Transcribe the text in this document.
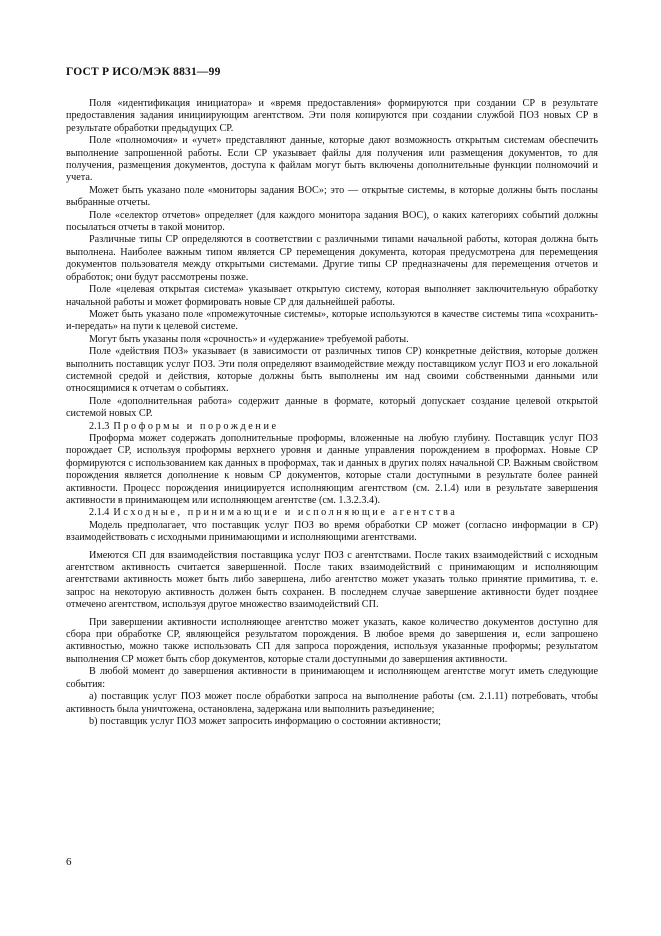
ГОСТ Р ИСО/МЭК 8831—99

Поля «идентификация инициатора» и «время предоставления» формируются при создании СР в результате предоставления задания инициирующим агентством. Эти поля копируются при создании службой ПОЗ новых СР в результате обработки предыдущих СР.

Поле «полномочия» и «учет» представляют данные, которые дают возможность открытым системам обеспечить выполнение запрошенной работы. Если СР указывает файлы для получения или размещения документов, то для получения, размещения документов, доступа к файлам могут быть включены дополнительные функции полномочий и учета.

Может быть указано поле «мониторы задания ВОС»; это — открытые системы, в которые должны быть посланы выбранные отчеты.

Поле «селектор отчетов» определяет (для каждого монитора задания ВОС), о каких категориях событий должны посылаться отчеты в такой монитор.

Различные типы СР определяются в соответствии с различными типами начальной работы, которая должна быть выполнена. Наиболее важным типом является СР перемещения документа, которая предусмотрена для перемещения документов пользователя между открытыми системами. Другие типы СР предназначены для перемещения отчетов и обработок; они будут рассмотрены позже.

Поле «целевая открытая система» указывает открытую систему, которая выполняет заключительную обработку начальной работы и может формировать новые СР для дальнейшей работы.

Может быть указано поле «промежуточные системы», которые используются в качестве системы типа «сохранить-и-передать» на пути к целевой системе.

Могут быть указаны поля «срочность» и «удержание» требуемой работы.

Поле «действия ПОЗ» указывает (в зависимости от различных типов СР) конкретные действия, которые должен выполнить поставщик услуг ПОЗ. Эти поля определяют взаимодействие между поставщиком услуг ПОЗ и его локальной системной средой и действия, которые должны быть выполнены им над своими собственными данными или относящимися к отчетам о событиях.

Поле «дополнительная работа» содержит данные в формате, который допускает создание целевой открытой системой новых СР.

2.1.3 Проформы и порождение

Проформа может содержать дополнительные проформы, вложенные на любую глубину. Поставщик услуг ПОЗ порождает СР, используя проформы верхнего уровня и данные управления порождением в проформах. Новые СР формируются с использованием как данных в проформах, так и данных в других полях начальной СР. Важным свойством порождения является дополнение к новым СР документов, которые стали доступными в результате более ранней активности. Процесс порождения инициируется исполняющим агентством (см. 2.1.4) или в результате завершения активности в принимающем или исполняющем агентстве (см. 1.3.2.3.4).

2.1.4 Исходные, принимающие и исполняющие агентства

Модель предполагает, что поставщик услуг ПОЗ во время обработки СР может (согласно информации в СР) взаимодействовать с исходными принимающими и исполняющими агентствами.

Имеются СП для взаимодействия поставщика услуг ПОЗ с агентствами. После таких взаимодействий с исходным агентством активность считается завершенной. После таких взаимодействий с принимающим и исполняющим агентствами активность может быть либо завершена, либо агентство может указать только принятие примитива, т. е. запрос на некоторую активность должен быть сохранен. В последнем случае завершение активности будет позднее отмечено агентством, используя другое множество взаимодействий СП.

При завершении активности исполняющее агентство может указать, какое количество документов доступно для сбора при обработке СР, являющейся результатом порождения. В любое время до завершения и, если запрошено активностью, можно также использовать СП для запроса порождения, используя указанные проформы; результатом выполнения СР может быть сбор документов, которые стали доступными до завершения активности.

В любой момент до завершения активности в принимающем и исполняющем агентстве могут иметь следующие события:

a) поставщик услуг ПОЗ может после обработки запроса на выполнение работы (см. 2.1.11) потребовать, чтобы активность была уничтожена, остановлена, задержана или выполнить разъединение;

b) поставщик услуг ПОЗ может запросить информацию о состоянии активности;

6
